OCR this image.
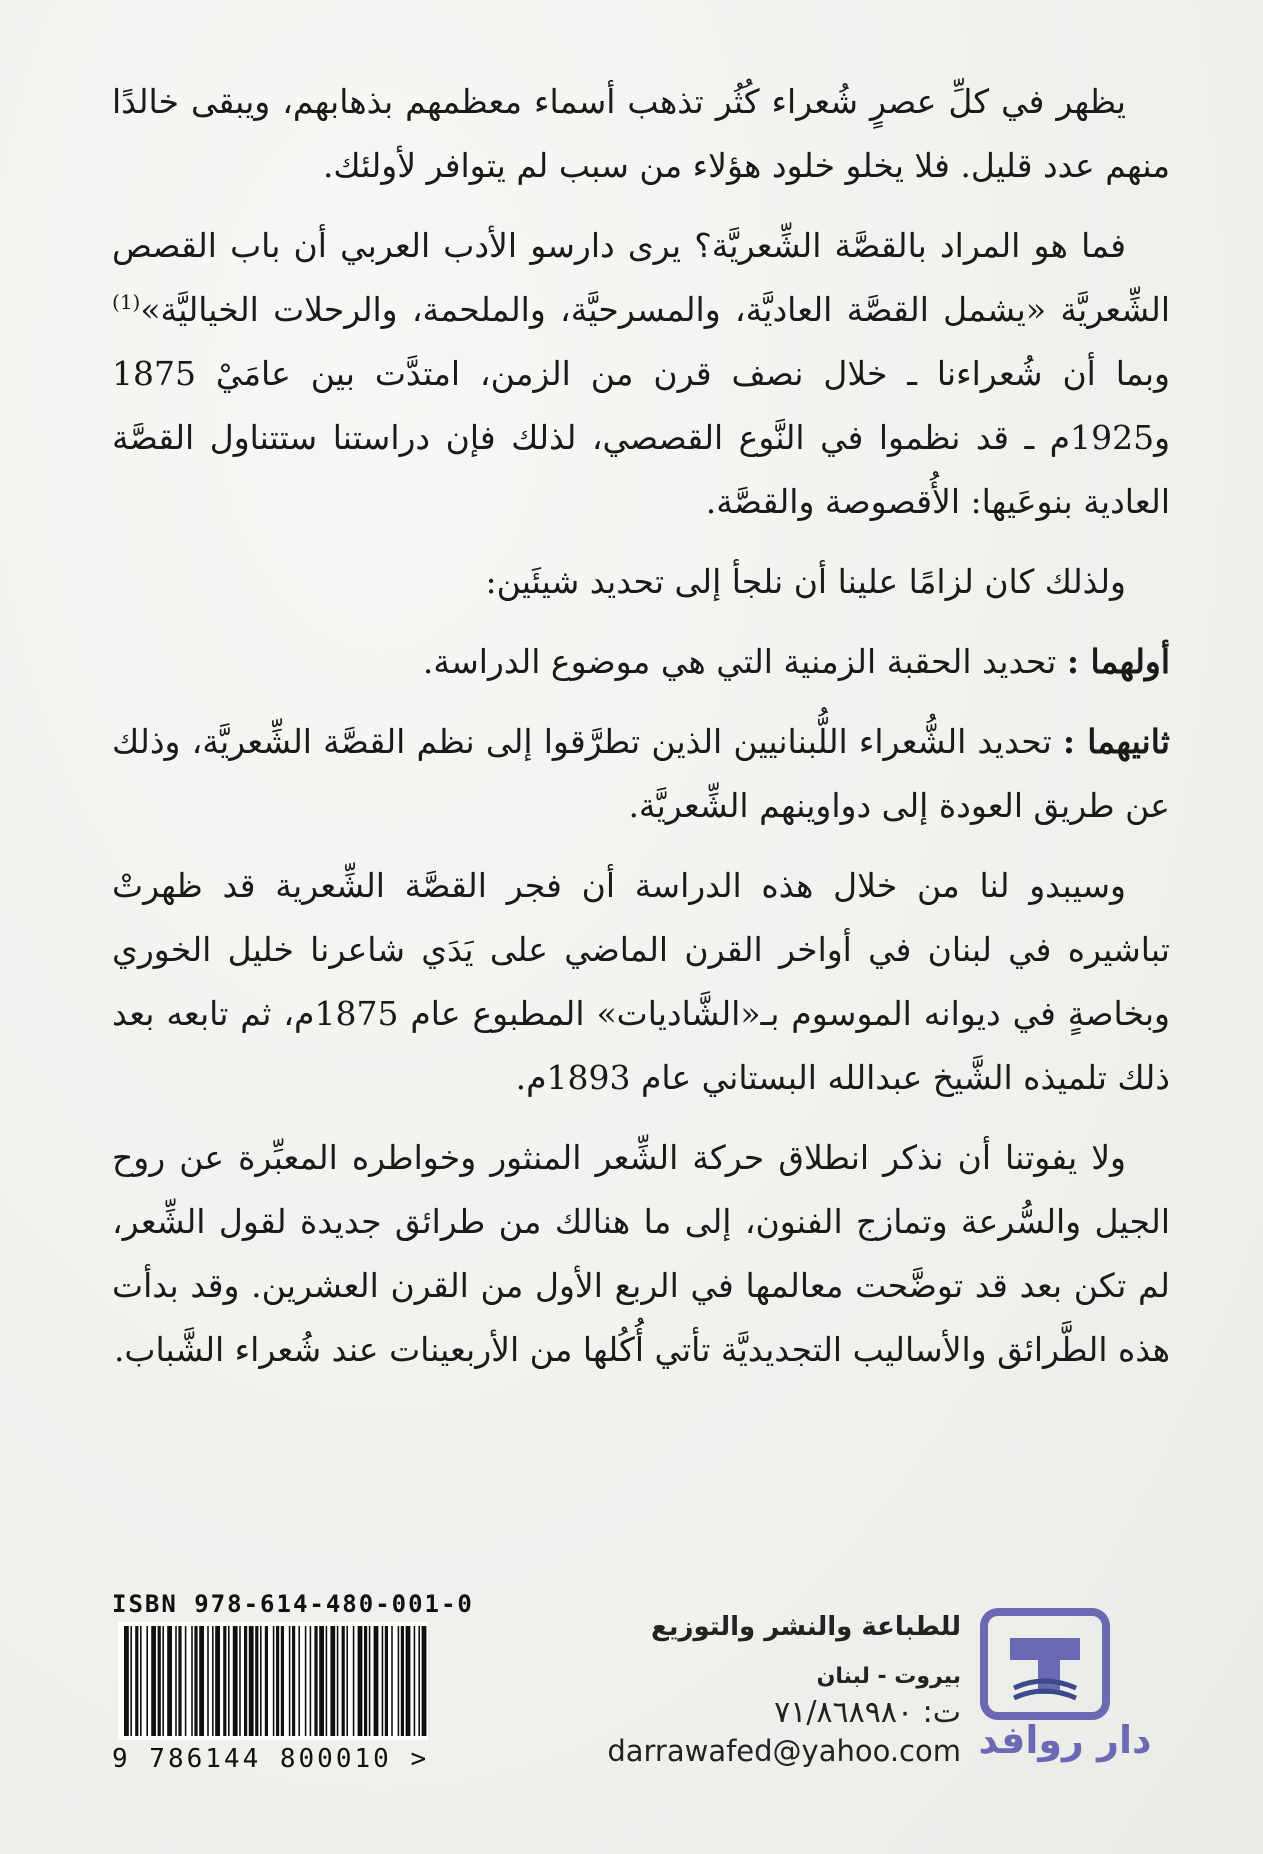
يظهر في كلِّ عصرٍ شُعراء كُثُر تذهب أسماء معظمهم بذهابهم، ويبقى خالدًا منهم عدد قليل. فلا يخلو خلود هؤلاء من سبب لم يتوافر لأولئك.

فما هو المراد بالقصَّة الشِّعريَّة؟ يرى دارسو الأدب العربي أن باب القصص الشِّعريَّة «يشمل القصَّة العاديَّة، والمسرحيَّة، والملحمة، والرحلات الخياليَّة»$^{(1)}$ وبما أن شُعراءنا ـ خلال نصف قرن من الزمن، امتدَّت بين عامَيْ 1875 و1925م ـ قد نظموا في النَّوع القصصي، لذلك فإن دراستنا ستتناول القصَّة العادية بنوعَيها: الأُقصوصة والقصَّة.

ولذلك كان لزامًا علينا أن نلجأ إلى تحديد شيئَين:

أولهما : تحديد الحقبة الزمنية التي هي موضوع الدراسة.

ثانيهما : تحديد الشُّعراء اللُّبنانيين الذين تطرَّقوا إلى نظم القصَّة الشِّعريَّة، وذلك عن طريق العودة إلى دواوينهم الشِّعريَّة.

وسيبدو لنا من خلال هذه الدراسة أن فجر القصَّة الشِّعرية قد ظهرتْ تباشيره في لبنان في أواخر القرن الماضي على يَدَي شاعرنا خليل الخوري وبخاصةٍ في ديوانه الموسوم بـ«الشَّاديات» المطبوع عام 1875م، ثم تابعه بعد ذلك تلميذه الشَّيخ عبدالله البستاني عام 1893م.

ولا يفوتنا أن نذكر انطلاق حركة الشِّعر المنثور وخواطره المعبِّرة عن روح الجيل والسُّرعة وتمازج الفنون، إلى ما هنالك من طرائق جديدة لقول الشِّعر، لم تكن بعد قد توضَّحت معالمها في الربع الأول من القرن العشرين. وقد بدأت هذه الطَّرائق والأساليب التجديديَّة تأتي أُكُلها من الأربعينات عند شُعراء الشَّباب.

ISBN 978-614-480-001-0
9 786144 800010 >
للطباعة والنشر والتوزيع
بيروت - لبنان
ت: ٧١/٨٦٨٩٨٠
darrawafed@yahoo.com دار روافد
